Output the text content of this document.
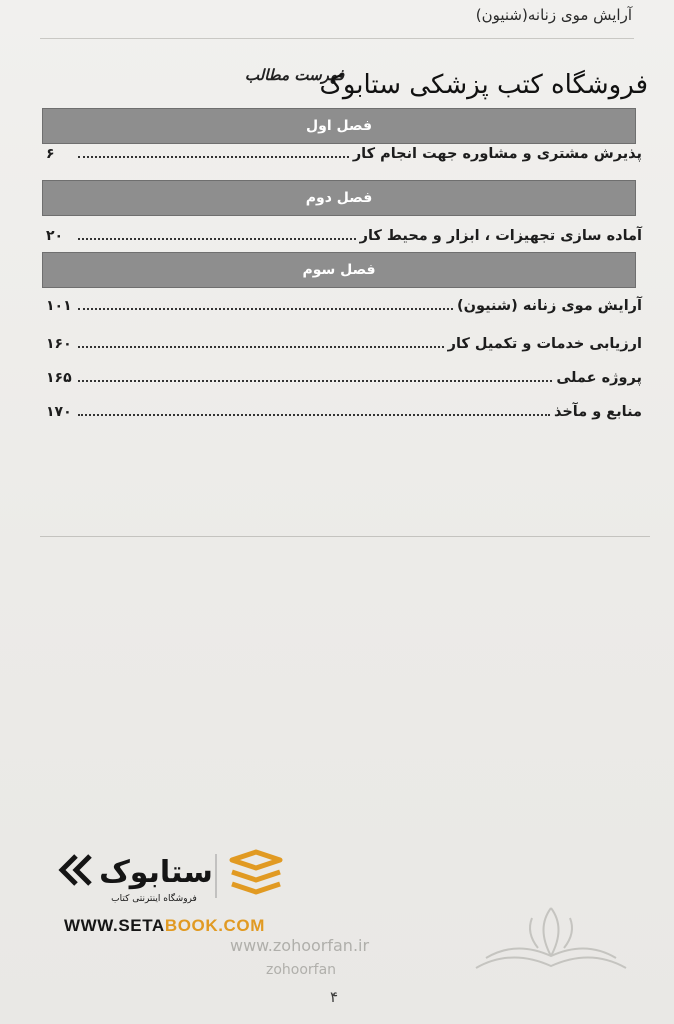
آرایش موی زنانه(شنیون)
www.zohoorfan.ir
zohoorfan
فهرست مطالب
فروشگاه کتب پزشکی ستابوک
فصل اول
پذیرش مشتری و مشاوره جهت انجام کار
۶
فصل دوم
آماده سازی تجهیزات ، ابزار و محیط کار
۲۰
فصل سوم
آرایش موی زنانه (شنیون)
۱۰۱
ارزیابی خدمات و تکمیل کار
۱۶۰
پروژه عملی
۱۶۵
منابع و مآخذ
۱۷۰
ستابوک
فروشگاه اینترنتی کتاب
WWW.SETABOOK.COM
۴
